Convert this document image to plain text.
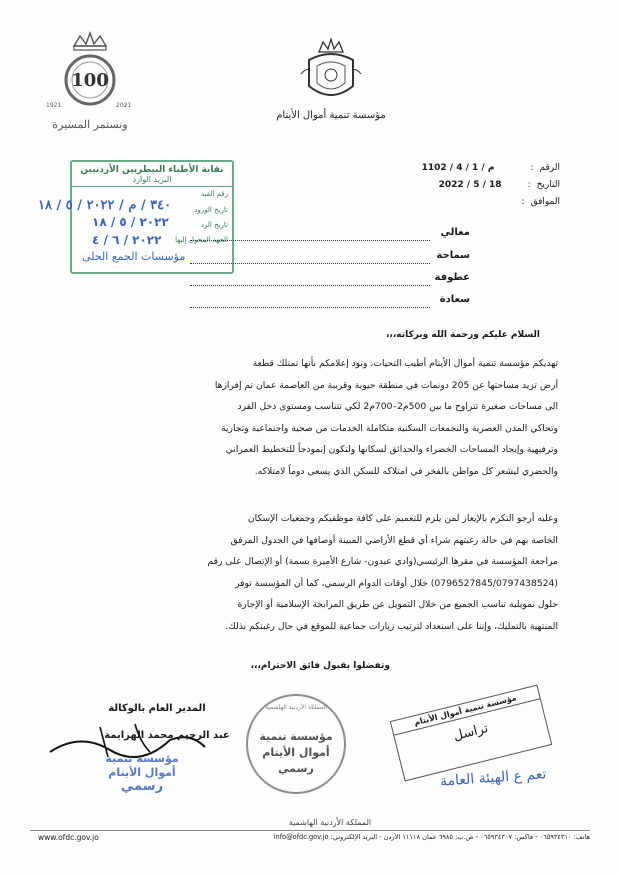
100
1921	2021
ونستمر المسيرة
مؤسسة تنمية أموال الأيتام
الرقم
:
1102 / 4 / 1 / م
التاريخ
:
2022 / 5 / 18
الموافق
:
نقابة الأطباء البيطريين الأردنيين
البريد الوارد
رقم القيد
تاريخ الورود
تاريخ الرد
الجهة المحول إليها
٣٤٠ / م / ٢٠٢٢ / ٥ / ١٨
٢٠٢٢ / ٥ / ١٨
٢٠٢٢ / ٦ / ٤
مؤسسات الجمع الحلى
معالي
سماحة
عطوفة
سعادة
السلام عليكم ورحمة الله وبركاته،،،
تهديكم مؤسسة تنمية أموال الأيتام أطيب التحيات، وتود إعلامكم بأنها تمتلك قطعة
أرض تزيد مساحتها عن 205 دونمات في منطقة حيوية وقريبة من العاصمة عمان تم إفرازها
الى مساحات صغيرة تتراوح ما بين 500م2–700م2 لكي تتناسب ومستوى دخل الفرد
وتحاكي المدن العصرية والتجمعات السكنية متكاملة الخدمات من صحية واجتماعية وتجارية
وترفيهية وإيجاد المساحات الخضراء والحدائق لسكانها ولتكون إنموذجاً للتخطيط العمراني
والحضري ليشعر كل مواطن بالفخر في امتلاكه للسكن الذي يسعى دوماً لامتلاكه.
وعليه أرجو التكرم بالإيعاز لمن يلزم للتعميم على كافة موظفيكم وجمعيات الإسكان
الخاصة بهم في حالة رغبتهم شراء أي قطع الأراضي المبينة أوصافها في الجدول المرفق
مراجعة المؤسسة في مقرها الرئيسي(وادي عبدون- شارع الأميرة بسمة) أو الإتصال على رقم
(0796527845/0797438524) خلال أوقات الدوام الرسمي، كما أن المؤسسة توفر
حلول تمويلية تناسب الجميع من خلال التمويل عن طريق المرابحة الإسلامية أو الإجارة
المنتهية بالتمليك، وإننا على استعداد لترتيب زيارات جماعية للموقع في حال رغبتكم بذلك.
وتفضلوا بقبول فائق الاحترام،،،
المدير العام بالوكالة
عبد الرحيم محمد الهزايمة
مؤسسة تنمية
أموال الأيتام
رسمي
المملكة الأردنية الهاشمية
مؤسسة تنمية
أموال الأيتام
رسمي
مؤسسة تنمية أموال الأيتام
تراسل
تعم ع الهيئة العامة
المملكة الأردنية الهاشمية
هاتف: ٠٦٥٩٣٤٣١٠ - فاكس: ٠٦٥٩٣٤٣٠٧ - ص.ب: ٦٩٨٥ عمان ١١١١٨ الأردن - البريد الإلكتروني: info@ofdc.gov.jo
www.ofdc.gov.jo
